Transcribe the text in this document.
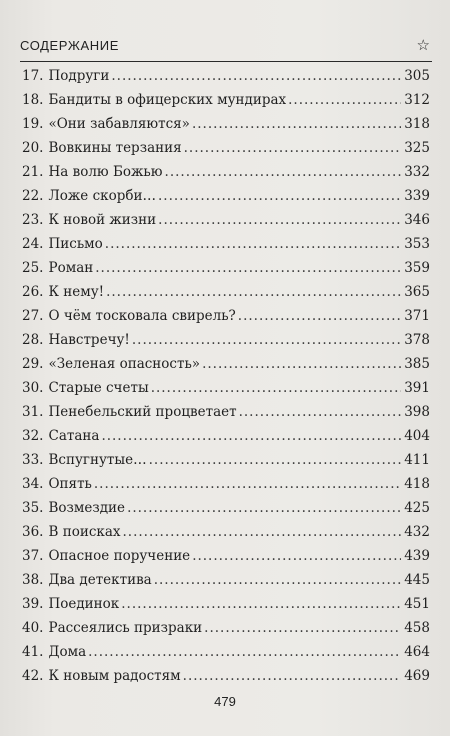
СОДЕРЖАНИЕ	☆
17. Подруги .....	305
18. Бандиты в офицерских мундирах .....	312
19. «Они забавляются» .....	318
20. Вовкины терзания .....	325
21. На волю Божью .....	332
22. Ложе скорби… .....	339
23. К новой жизни .....	346
24. Письмо .....	353
25. Роман .....	359
26. К нему! .....	365
27. О чём тосковала свирель? .....	371
28. Навстречу! .....	378
29. «Зеленая опасность» .....	385
30. Старые счеты .....	391
31. Пенебельский процветает .....	398
32. Сатана .....	404
33. Вспугнутые… .....	411
34. Опять .....	418
35. Возмездие .....	425
36. В поисках .....	432
37. Опасное поручение .....	439
38. Два детектива .....	445
39. Поединок .....	451
40. Рассеялись призраки .....	458
41. Дома .....	464
42. К новым радостям .....	469
479
